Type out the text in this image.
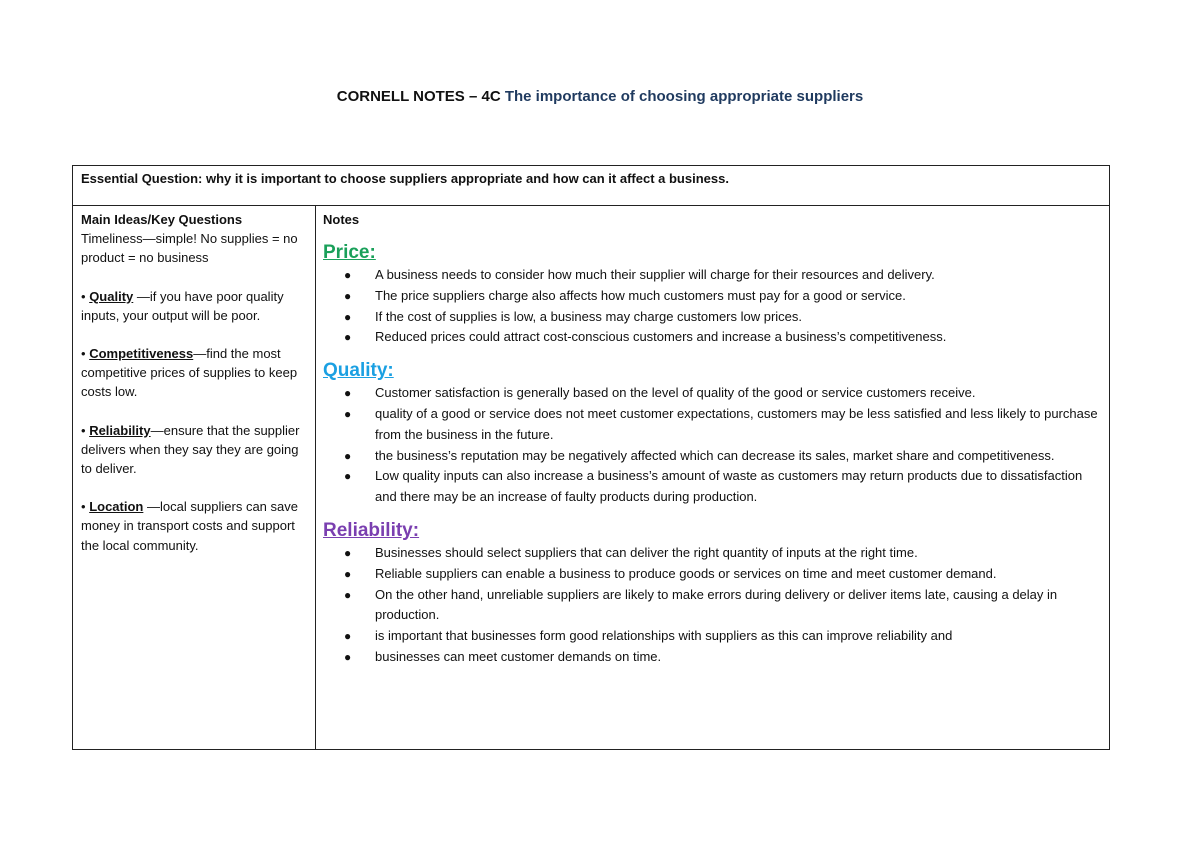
CORNELL NOTES – 4C The importance of choosing appropriate suppliers
Essential Question: why it is important to choose suppliers appropriate and how can it affect a business.
Main Ideas/Key Questions
Timeliness—simple! No supplies = no product = no business
• Quality —if you have poor quality inputs, your output will be poor.
• Competitiveness—find the most competitive prices of supplies to keep costs low.
• Reliability—ensure that the supplier delivers when they say they are going to deliver.
• Location —local suppliers can save money in transport costs and support the local community.
Notes
Price:
● A business needs to consider how much their supplier will charge for their resources and delivery.
● The price suppliers charge also affects how much customers must pay for a good or service.
● If the cost of supplies is low, a business may charge customers low prices.
● Reduced prices could attract cost-conscious customers and increase a business’s competitiveness.
Quality:
● Customer satisfaction is generally based on the level of quality of the good or service customers receive.
● quality of a good or service does not meet customer expectations, customers may be less satisfied and less likely to purchase from the business in the future.
● the business’s reputation may be negatively affected which can decrease its sales, market share and competitiveness.
● Low quality inputs can also increase a business’s amount of waste as customers may return products due to dissatisfaction and there may be an increase of faulty products during production.
Reliability:
● Businesses should select suppliers that can deliver the right quantity of inputs at the right time.
● Reliable suppliers can enable a business to produce goods or services on time and meet customer demand.
● On the other hand, unreliable suppliers are likely to make errors during delivery or deliver items late, causing a delay in production.
● is important that businesses form good relationships with suppliers as this can improve reliability and
● businesses can meet customer demands on time.
